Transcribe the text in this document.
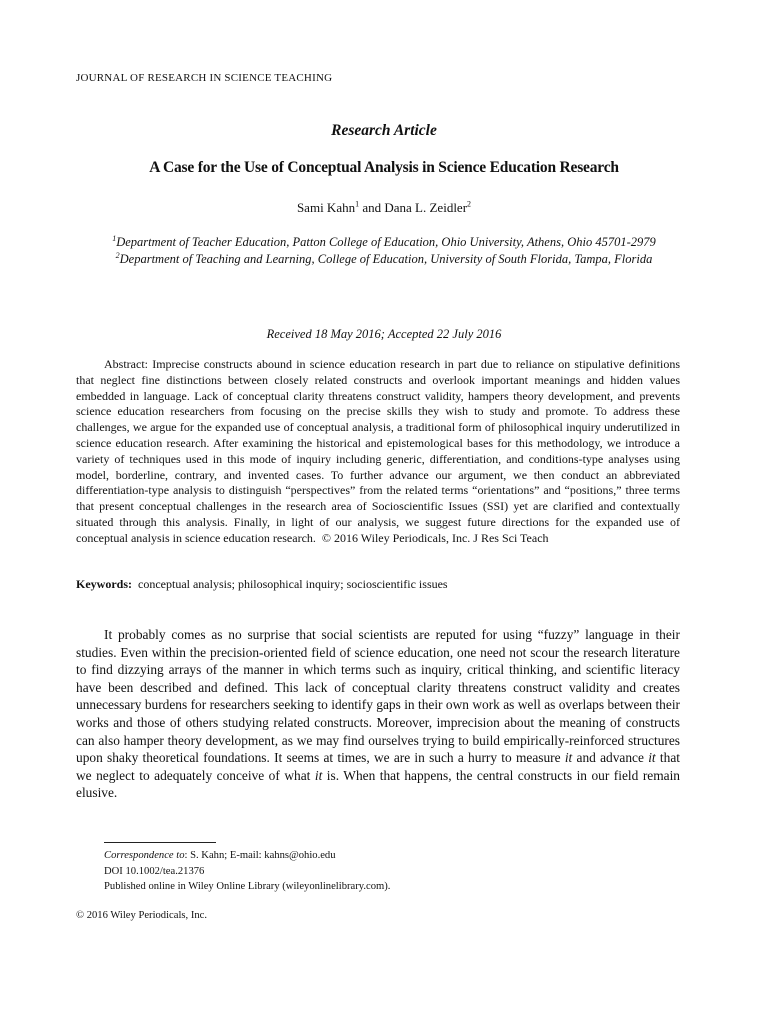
JOURNAL OF RESEARCH IN SCIENCE TEACHING
Research Article
A Case for the Use of Conceptual Analysis in Science Education Research
Sami Kahn$^1$ and Dana L. Zeidler$^2$
$^1$Department of Teacher Education, Patton College of Education, Ohio University, Athens, Ohio 45701-2979
$^2$Department of Teaching and Learning, College of Education, University of South Florida, Tampa, Florida
Received 18 May 2016; Accepted 22 July 2016

Abstract: Imprecise constructs abound in science education research in part due to reliance on stipulative definitions that neglect fine distinctions between closely related constructs and overlook important meanings and hidden values embedded in language. Lack of conceptual clarity threatens construct validity, hampers theory development, and prevents science education researchers from focusing on the precise skills they wish to study and promote. To address these challenges, we argue for the expanded use of conceptual analysis, a traditional form of philosophical inquiry underutilized in science education research. After examining the historical and epistemological bases for this methodology, we introduce a variety of techniques used in this mode of inquiry including generic, differentiation, and conditions-type analyses using model, borderline, contrary, and invented cases. To further advance our argument, we then conduct an abbreviated differentiation-type analysis to distinguish “perspectives” from the related terms “orientations” and “positions,” three terms that present conceptual challenges in the research area of Socioscientific Issues (SSI) yet are clarified and contextually situated through this analysis. Finally, in light of our analysis, we suggest future directions for the expanded use of conceptual analysis in science education research. © 2016 Wiley Periodicals, Inc. J Res Sci Teach

Keywords: conceptual analysis; philosophical inquiry; socioscientific issues

It probably comes as no surprise that social scientists are reputed for using “fuzzy” language in their studies. Even within the precision-oriented field of science education, one need not scour the research literature to find dizzying arrays of the manner in which terms such as inquiry, critical thinking, and scientific literacy have been described and defined. This lack of conceptual clarity threatens construct validity and creates unnecessary burdens for researchers seeking to identify gaps in their own work as well as overlaps between their works and those of others studying related constructs. Moreover, imprecision about the meaning of constructs can also hamper theory development, as we may find ourselves trying to build empirically-reinforced structures upon shaky theoretical foundations. It seems at times, we are in such a hurry to measure it and advance it that we neglect to adequately conceive of what it is. When that happens, the central constructs in our field remain elusive.

Correspondence to: S. Kahn; E-mail: kahns@ohio.edu
DOI 10.1002/tea.21376
Published online in Wiley Online Library (wileyonlinelibrary.com).
© 2016 Wiley Periodicals, Inc.
